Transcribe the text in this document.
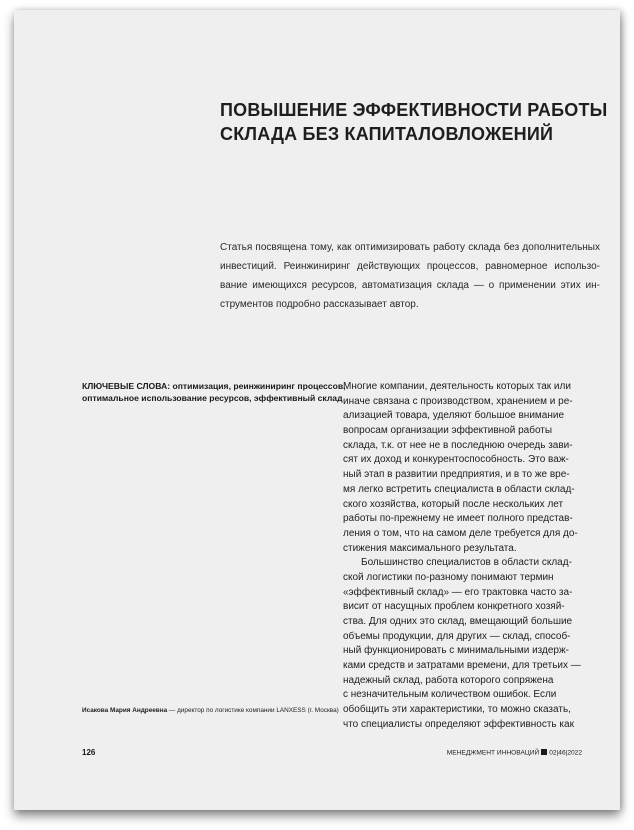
ПОВЫШЕНИЕ ЭФФЕКТИВНОСТИ РАБОТЫ
СКЛАДА БЕЗ КАПИТАЛОВЛОЖЕНИЙ
Статья посвящена тому, как оптимизировать работу склада без дополнительных
инвестиций. Реинжиниринг действующих процессов, равномерное использо-
вание имеющихся ресурсов, автоматизация склада — о применении этих ин-
струментов подробно рассказывает автор.
КЛЮЧЕВЫЕ СЛОВА: оптимизация, реинжиниринг процессов,
оптимальное использование ресурсов, эффективный склад
Исакова Мария Андреевна — директор по логистике компании LANXESS (г. Москва)
Многие компании, деятельность которых так или
иначе связана с производством, хранением и ре-
ализацией товара, уделяют большое внимание
вопросам организации эффективной работы
склада, т.к. от нее не в последнюю очередь зави-
сят их доход и конкурентоспособность. Это важ-
ный этап в развитии предприятия, и в то же вре-
мя легко встретить специалиста в области склад-
ского хозяйства, который после нескольких лет
работы по-прежнему не имеет полного представ-
ления о том, что на самом деле требуется для до-
стижения максимального результата.
Большинство специалистов в области склад-
ской логистики по-разному понимают термин
«эффективный склад» — его трактовка часто за-
висит от насущных проблем конкретного хозяй-
ства. Для одних это склад, вмещающий большие
объемы продукции, для других — склад, способ-
ный функционировать с минимальными издерж-
ками средств и затратами времени, для третьих —
надежный склад, работа которого сопряжена
с незначительным количеством ошибок. Если
обобщить эти характеристики, то можно сказать,
что специалисты определяют эффективность как
126	МЕНЕДЖМЕНТ ИННОВАЦИЙ 02|46|2022
